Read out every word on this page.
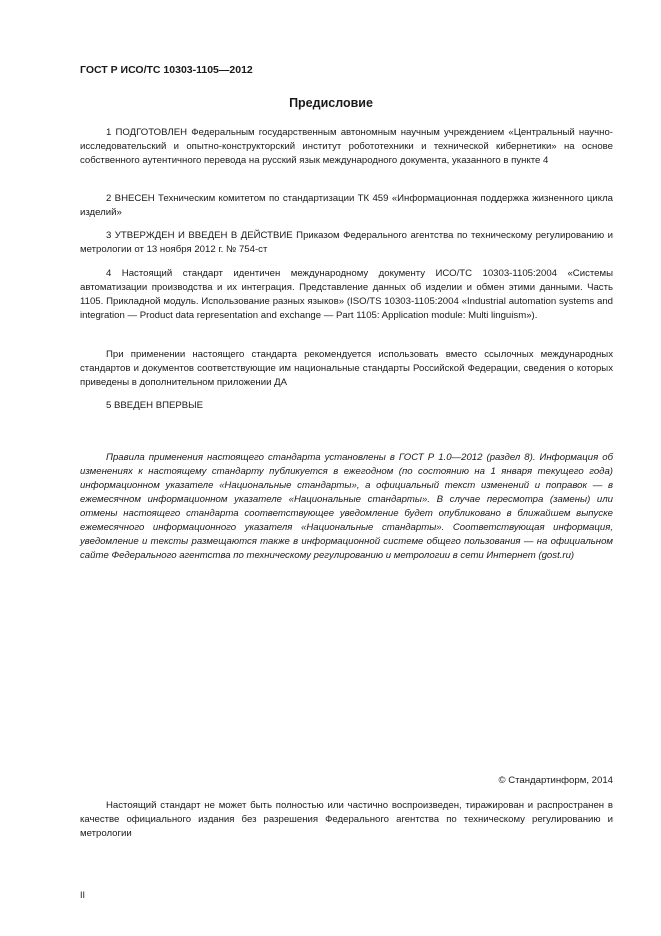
ГОСТ Р ИСО/ТС 10303-1105—2012
Предисловие

1 ПОДГОТОВЛЕН Федеральным государственным автономным научным учреждением «Центральный научно-исследовательский и опытно-конструкторский институт робототехники и технической кибернетики» на основе собственного аутентичного перевода на русский язык международного документа, указанного в пункте 4

2 ВНЕСЕН Техническим комитетом по стандартизации ТК 459 «Информационная поддержка жизненного цикла изделий»

3 УТВЕРЖДЕН И ВВЕДЕН В ДЕЙСТВИЕ Приказом Федерального агентства по техническому регулированию и метрологии от 13 ноября 2012 г. № 754-ст

4 Настоящий стандарт идентичен международному документу ИСО/ТС 10303-1105:2004 «Системы автоматизации производства и их интеграция. Представление данных об изделии и обмен этими данными. Часть 1105. Прикладной модуль. Использование разных языков» (ISO/TS 10303-1105:2004 «Industrial automation systems and integration — Product data representation and exchange — Part 1105: Application module: Multi linguism»).

При применении настоящего стандарта рекомендуется использовать вместо ссылочных международных стандартов и документов соответствующие им национальные стандарты Российской Федерации, сведения о которых приведены в дополнительном приложении ДА

5 ВВЕДЕН ВПЕРВЫЕ

Правила применения настоящего стандарта установлены в ГОСТ Р 1.0—2012 (раздел 8). Информация об изменениях к настоящему стандарту публикуется в ежегодном (по состоянию на 1 января текущего года) информационном указателе «Национальные стандарты», а официальный текст изменений и поправок — в ежемесячном информационном указателе «Национальные стандарты». В случае пересмотра (замены) или отмены настоящего стандарта соответствующее уведомление будет опубликовано в ближайшем выпуске ежемесячного информационного указателя «Национальные стандарты». Соответствующая информация, уведомление и тексты размещаются также в информационной системе общего пользования — на официальном сайте Федерального агентства по техническому регулированию и метрологии в сети Интернет (gost.ru)

© Стандартинформ, 2014

Настоящий стандарт не может быть полностью или частично воспроизведен, тиражирован и распространен в качестве официального издания без разрешения Федерального агентства по техническому регулированию и метрологии

II
